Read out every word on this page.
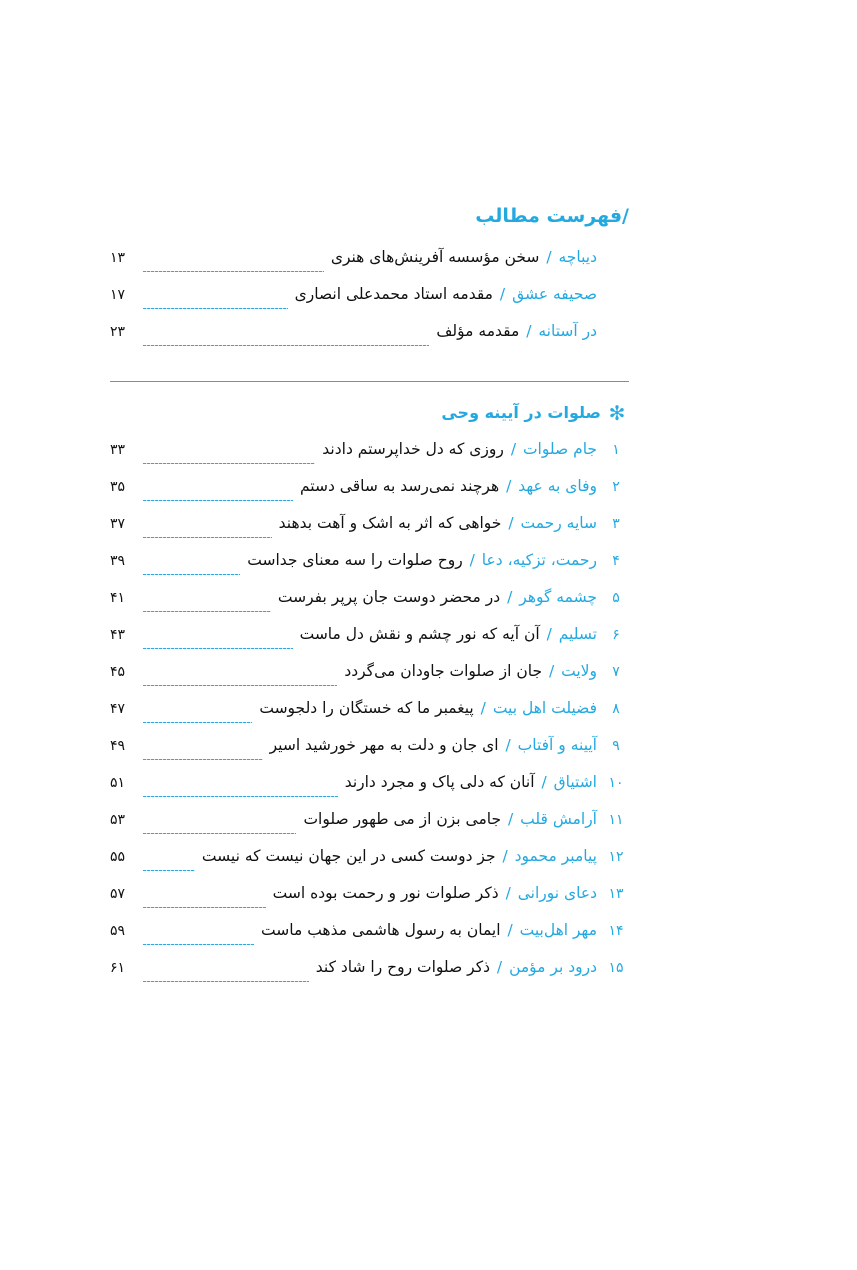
/فهرست مطالب

دیباچه / سخن مؤسسه آفرینش‌های هنری
۱۳

صحیفه عشق / مقدمه استاد محمدعلی انصاری
۱۷

در آستانه / مقدمه مؤلف
۲۳
✻
صلوات در آیینه وحی
۱
جام صلوات / روزی که دل خداپرستم دادند
۳۳
۲
وفای به عهد / هرچند نمی‌رسد به ساقی دستم
۳۵
۳
سایه رحمت / خواهی که اثر به اشک و آهت بدهند
۳۷
۴
رحمت، تزکیه، دعا / روح صلوات را سه معنای جداست
۳۹
۵
چشمه گوهر / در محضر دوست جان پرپر بفرست
۴۱
۶
تسلیم / آن آیه که نور چشم و نقش دل ماست
۴۳
۷
ولایت / جان از صلوات جاودان می‌گردد
۴۵
۸
فضیلت اهل بیت / پیغمبر ما که خستگان را دلجوست
۴۷
۹
آیینه و آفتاب / ای جان و دلت به مهر خورشید اسیر
۴۹
۱۰
اشتیاق / آنان که دلی پاک و مجرد دارند
۵۱
۱۱
آرامش قلب / جامی بزن از می طهور صلوات
۵۳
۱۲
پیامبر محمود / جز دوست کسی در این جهان نیست که نیست
۵۵
۱۳
دعای نورانی / ذکر صلوات نور و رحمت بوده است
۵۷
۱۴
مهر اهل‌بیت / ایمان به رسول هاشمی مذهب ماست
۵۹
۱۵
درود بر مؤمن / ذکر صلوات روح را شاد کند
۶۱
